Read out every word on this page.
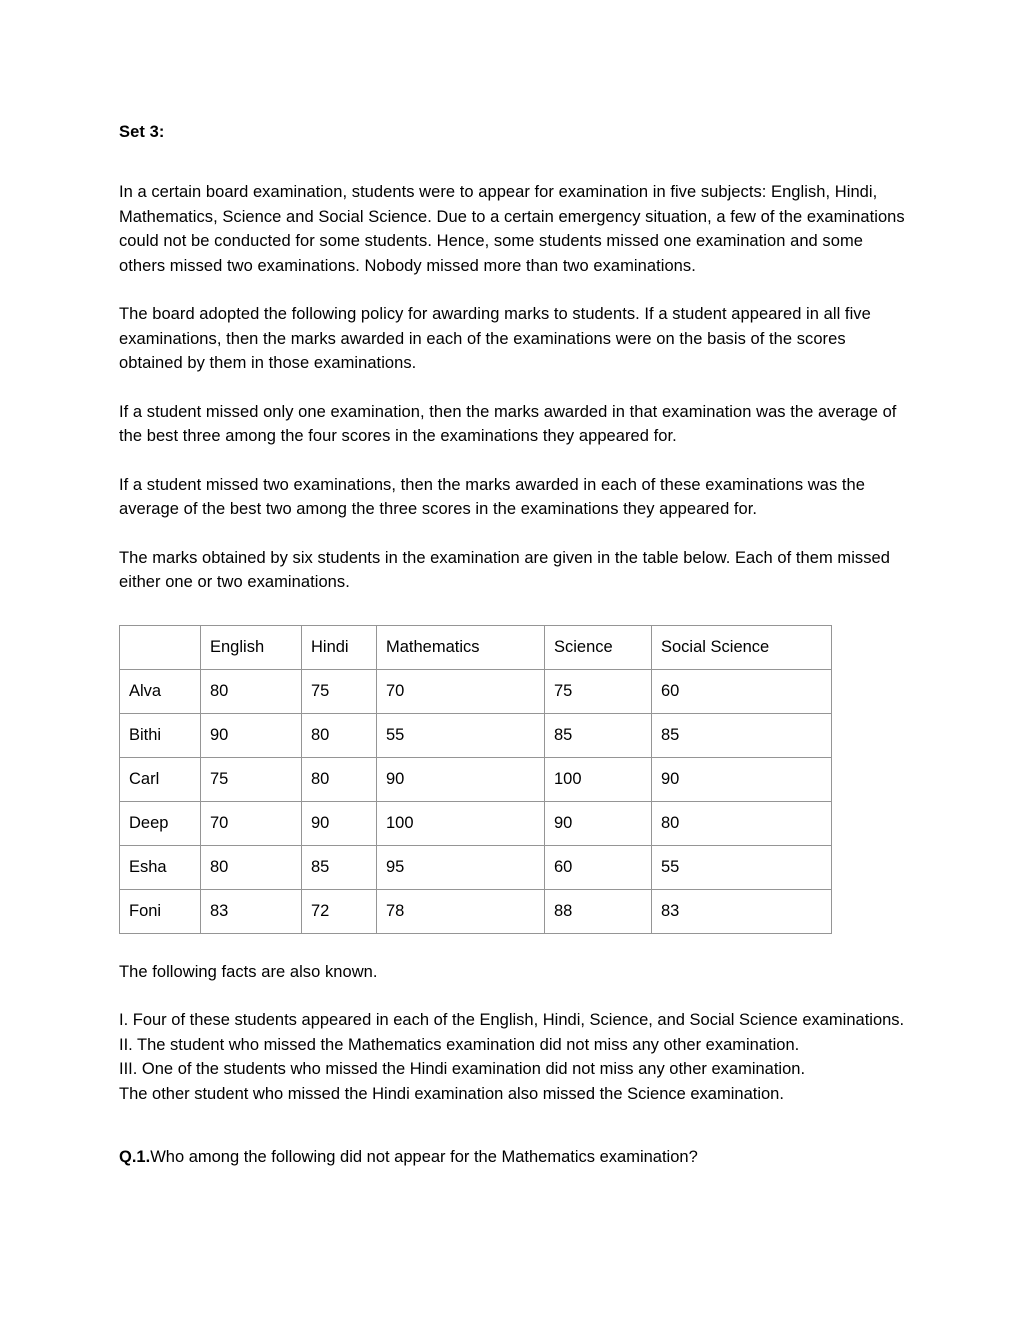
Set 3:

In a certain board examination, students were to appear for examination in five subjects: English, Hindi, Mathematics, Science and Social Science. Due to a certain emergency situation, a few of the examinations could not be conducted for some students. Hence, some students missed one examination and some others missed two examinations. Nobody missed more than two examinations.

The board adopted the following policy for awarding marks to students. If a student appeared in all five examinations, then the marks awarded in each of the examinations were on the basis of the scores obtained by them in those examinations.

If a student missed only one examination, then the marks awarded in that examination was the average of the best three among the four scores in the examinations they appeared for.

If a student missed two examinations, then the marks awarded in each of these examinations was the average of the best two among the three scores in the examinations they appeared for.

The marks obtained by six students in the examination are given in the table below. Each of them missed either one or two examinations.

	English	Hindi	Mathematics	Science	Social Science
Alva	80	75	70	75	60
Bithi	90	80	55	85	85
Carl	75	80	90	100	90
Deep	70	90	100	90	80
Esha	80	85	95	60	55
Foni	83	72	78	88	83

The following facts are also known.

I. Four of these students appeared in each of the English, Hindi, Science, and Social Science examinations.
II. The student who missed the Mathematics examination did not miss any other examination.
III. One of the students who missed the Hindi examination did not miss any other examination.
The other student who missed the Hindi examination also missed the Science examination.

Q.1.Who among the following did not appear for the Mathematics examination?
